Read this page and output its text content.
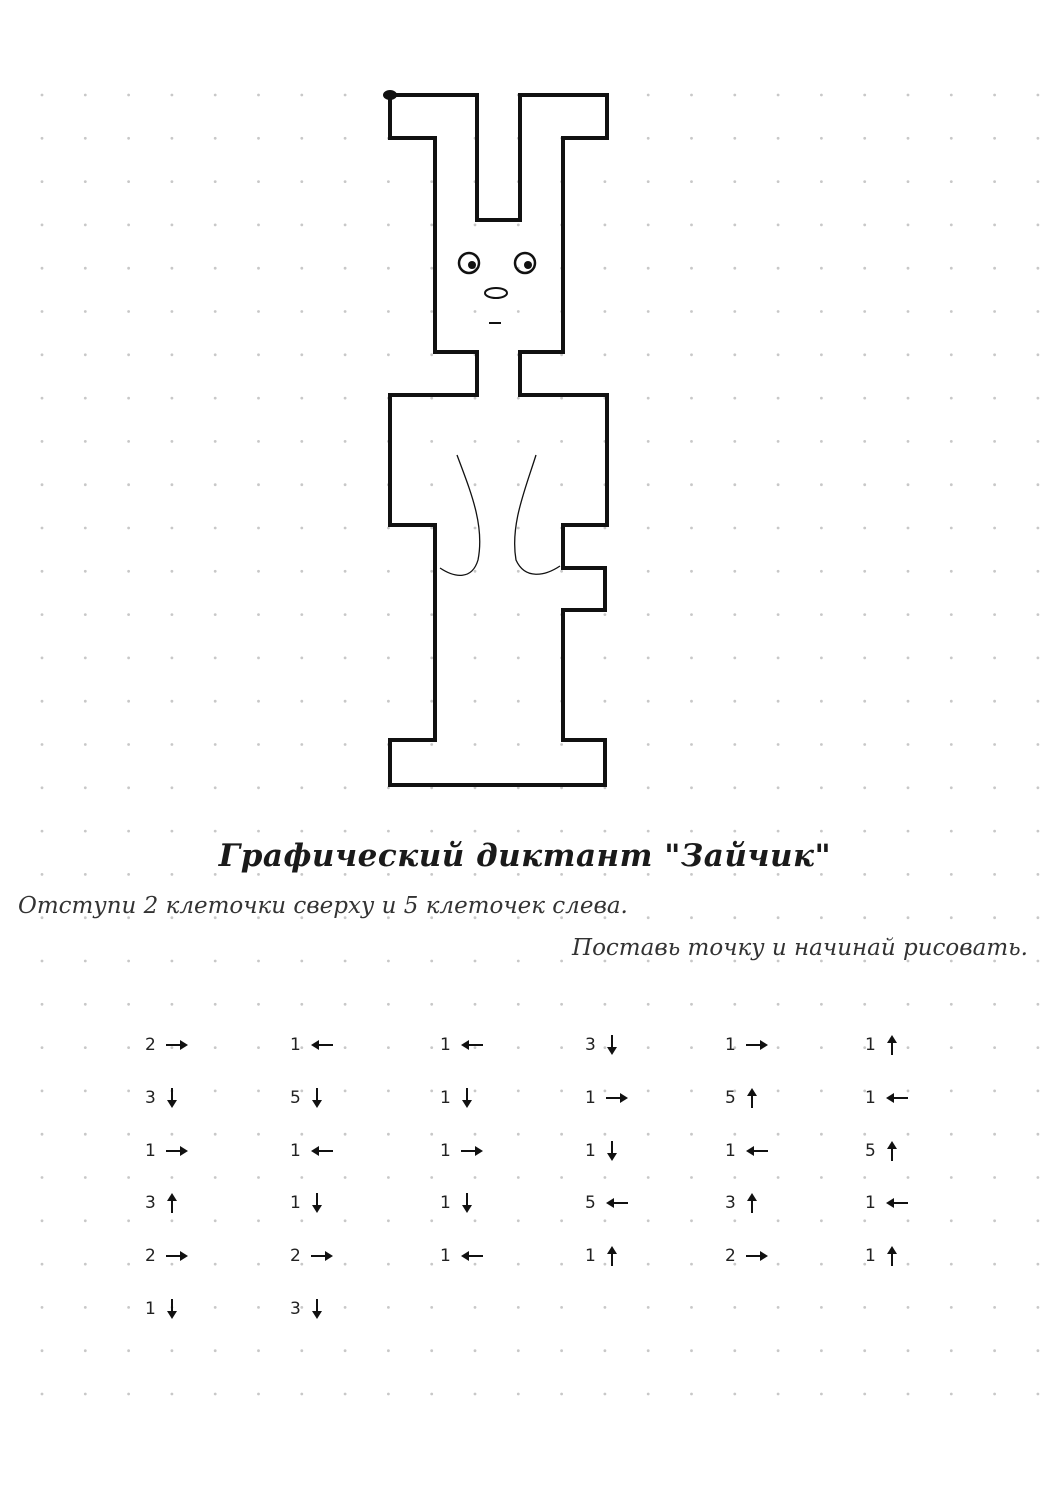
Графический диктант "Зайчик"
Отступи 2 клеточки сверху и 5 клеточек слева.
Поставь точку и начинай рисовать.
2
3
1
3
2
1
1
5
1
1
2
3
1
1
1
1
1
3
1
1
5
1
1
5
1
3
2
1
1
5
1
1
